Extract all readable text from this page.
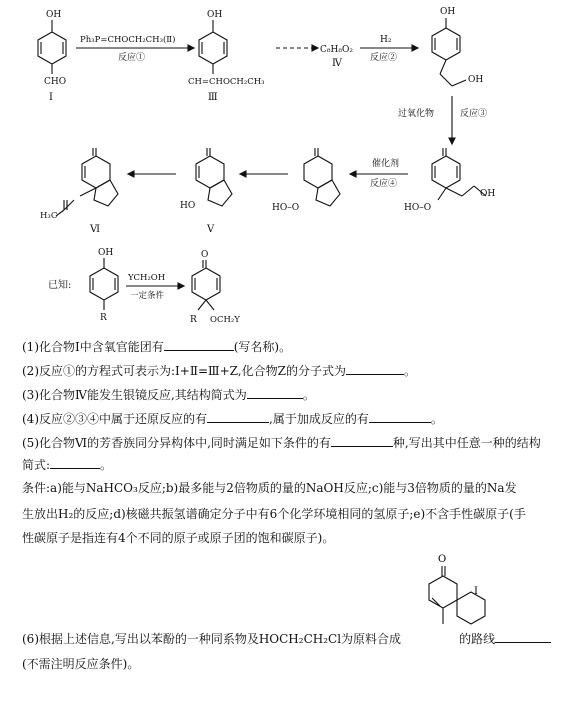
OH
CHO
Ⅰ
Ph₃P=CHOCH₂CH₃(Ⅱ)
反应①
OH
CH=CHOCH₂CH₃
Ⅲ
C₈H₈O₂
Ⅳ
H₂
反应②
OH
OH
过氧化物	反应③
催化剂
反应④
HO–O
OH
HO–O
HO
Ⅴ
H₃C
Ⅵ
已知:
OH
R
YCH₂OH
一定条件
O
R OCH₂Y
(1)化合物Ⅰ中含氧官能团有	(写名称)。
(2)反应①的方程式可表示为:Ⅰ+Ⅱ=Ⅲ+Z,化合物Z的分子式为	。
(3)化合物Ⅳ能发生银镜反应,其结构简式为	。
(4)反应②③④中属于还原反应的有	,属于加成反应的有	。
(5)化合物Ⅵ的芳香族同分异构体中,同时满足如下条件的有	种,写出其中任意一种的结构
简式:	。
条件:a)能与NaHCO₃反应;b)最多能与2倍物质的量的NaOH反应;c)能与3倍物质的量的Na发
生放出H₂的反应;d)核磁共振氢谱确定分子中有6个化学环境相同的氢原子;e)不含手性碳原子(手
性碳原子是指连有4个不同的原子或原子团的饱和碳原子)。
O
Ⅰ
(6)根据上述信息,写出以苯酚的一种同系物及HOCH₂CH₂Cl为原料合成	的路线
(不需注明反应条件)。
